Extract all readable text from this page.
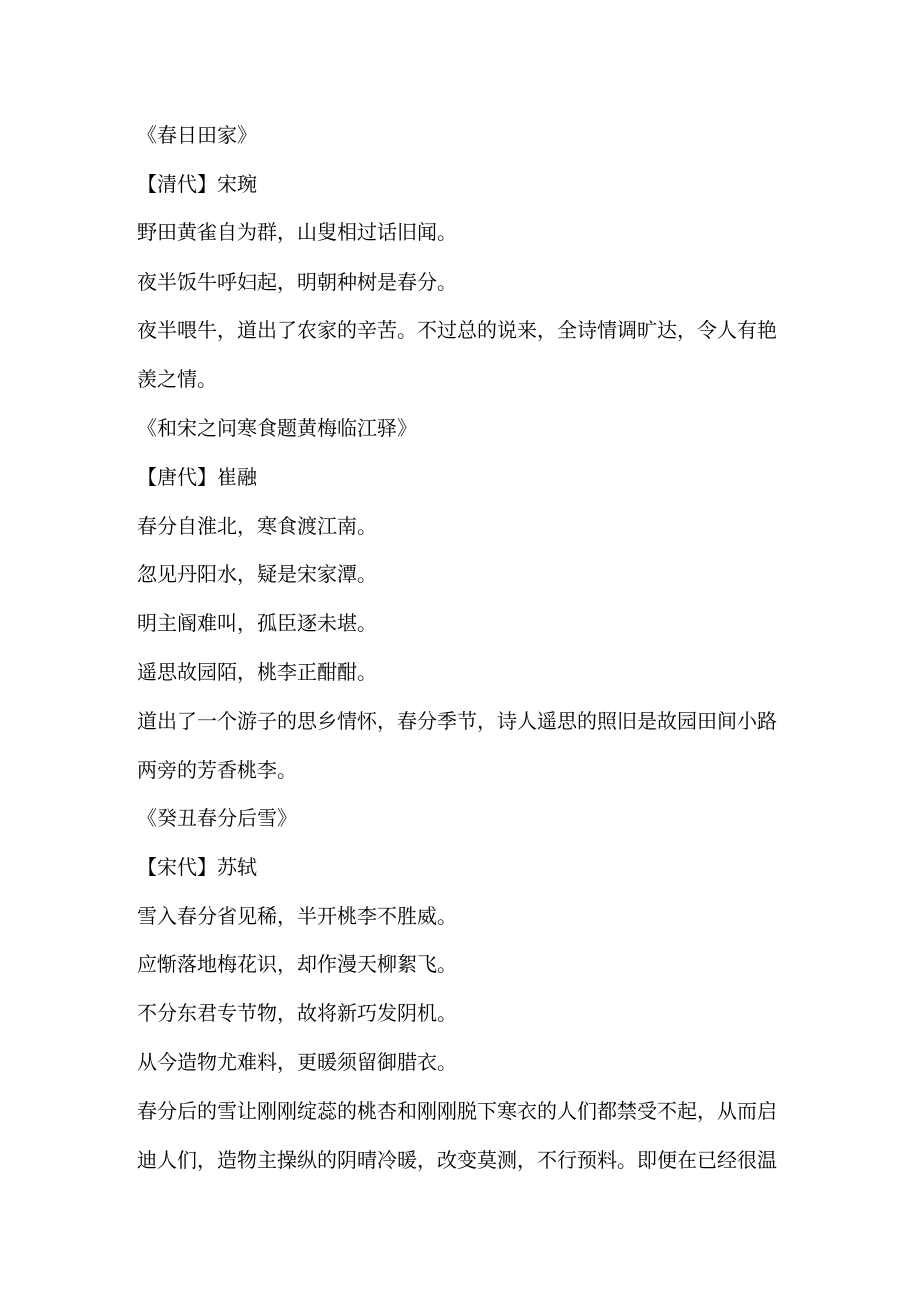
《春日田家》
【清代】宋琬
野田黄雀自为群，山叟相过话旧闻。
夜半饭牛呼妇起，明朝种树是春分。
夜半喂牛，道出了农家的辛苦。不过总的说来，全诗情调旷达，令人有艳
羡之情。
《和宋之问寒食题黄梅临江驿》
【唐代】崔融
春分自淮北，寒食渡江南。
忽见丹阳水，疑是宋家潭。
明主阍难叫，孤臣逐未堪。
遥思故园陌，桃李正酣酣。
道出了一个游子的思乡情怀，春分季节，诗人遥思的照旧是故园田间小路
两旁的芳香桃李。
《癸丑春分后雪》
【宋代】苏轼
雪入春分省见稀，半开桃李不胜威。
应惭落地梅花识，却作漫天柳絮飞。
不分东君专节物，故将新巧发阴机。
从今造物尤难料，更暖须留御腊衣。
春分后的雪让刚刚绽蕊的桃杏和刚刚脱下寒衣的人们都禁受不起，从而启
迪人们，造物主操纵的阴晴冷暖，改变莫测，不行预料。即便在已经很温
